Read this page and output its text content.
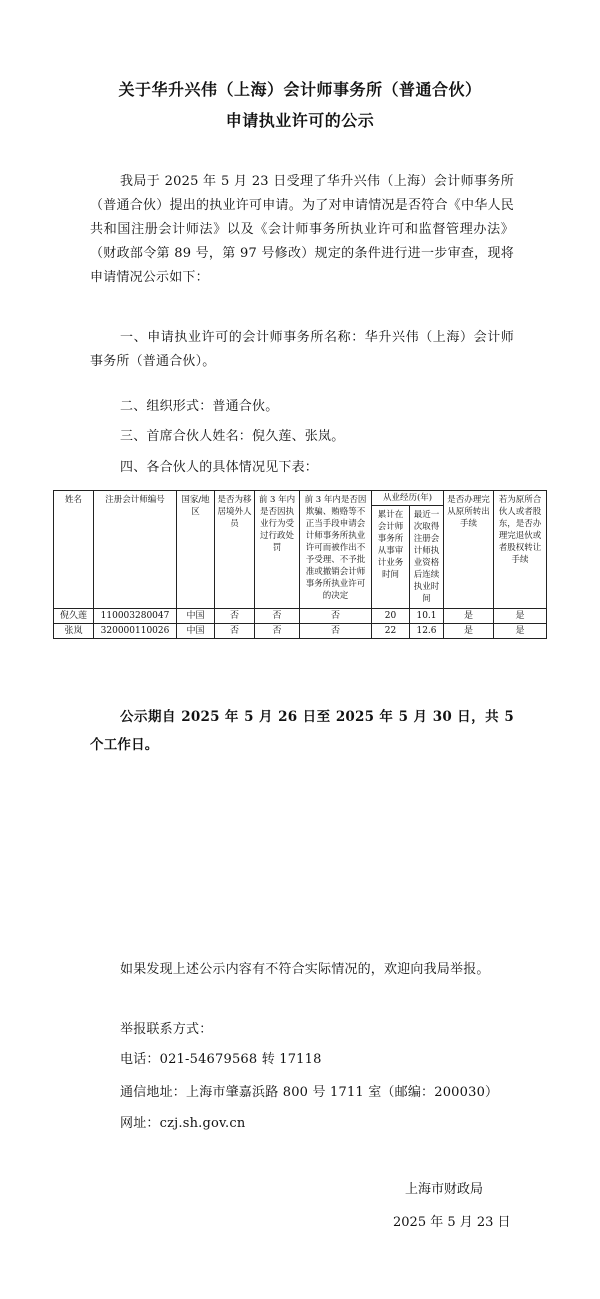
关于华升兴伟（上海）会计师事务所（普通合伙）
申请执业许可的公示
我局于 2025 年 5 月 23 日受理了华升兴伟（上海）会计师事务所（普通合伙）提出的执业许可申请。为了对申请情况是否符合《中华人民共和国注册会计师法》以及《会计师事务所执业许可和监督管理办法》（财政部令第 89 号，第 97 号修改）规定的条件进行进一步审查，现将申请情况公示如下：
一、申请执业许可的会计师事务所名称：华升兴伟（上海）会计师事务所（普通合伙）。
二、组织形式：普通合伙。
三、首席合伙人姓名：倪久莲、张岚。
四、各合伙人的具体情况见下表：
姓名	注册会计师编号	国家/地区	是否为移居境外人员	前 3 年内是否因执业行为受过行政处罚	前 3 年内是否因欺骗、贿赂等不正当手段申请会计师事务所执业许可而被作出不予受理、不予批准或撤销会计师事务所执业许可的决定	从业经历(年)		是否办理完从原所转出手续	若为原所合伙人或者股东，是否办理完退伙或者股权转让手续
						累计在会计师事务所从事审计业务时间	最近一次取得注册会计师执业资格后连续执业时间		
倪久莲	110003280047	中国	否	否	否	20	10.1	是	是
张岚	320000110026	中国	否	否	否	22	12.6	是	是
公示期自 2025 年 5 月 26 日至 2025 年 5 月 30 日，共 5 个工作日。
如果发现上述公示内容有不符合实际情况的，欢迎向我局举报。
举报联系方式：
电话：021-54679568 转 17118
通信地址：上海市肇嘉浜路 800 号 1711 室（邮编：200030）
网址：czj.sh.gov.cn
上海市财政局
2025 年 5 月 23 日
